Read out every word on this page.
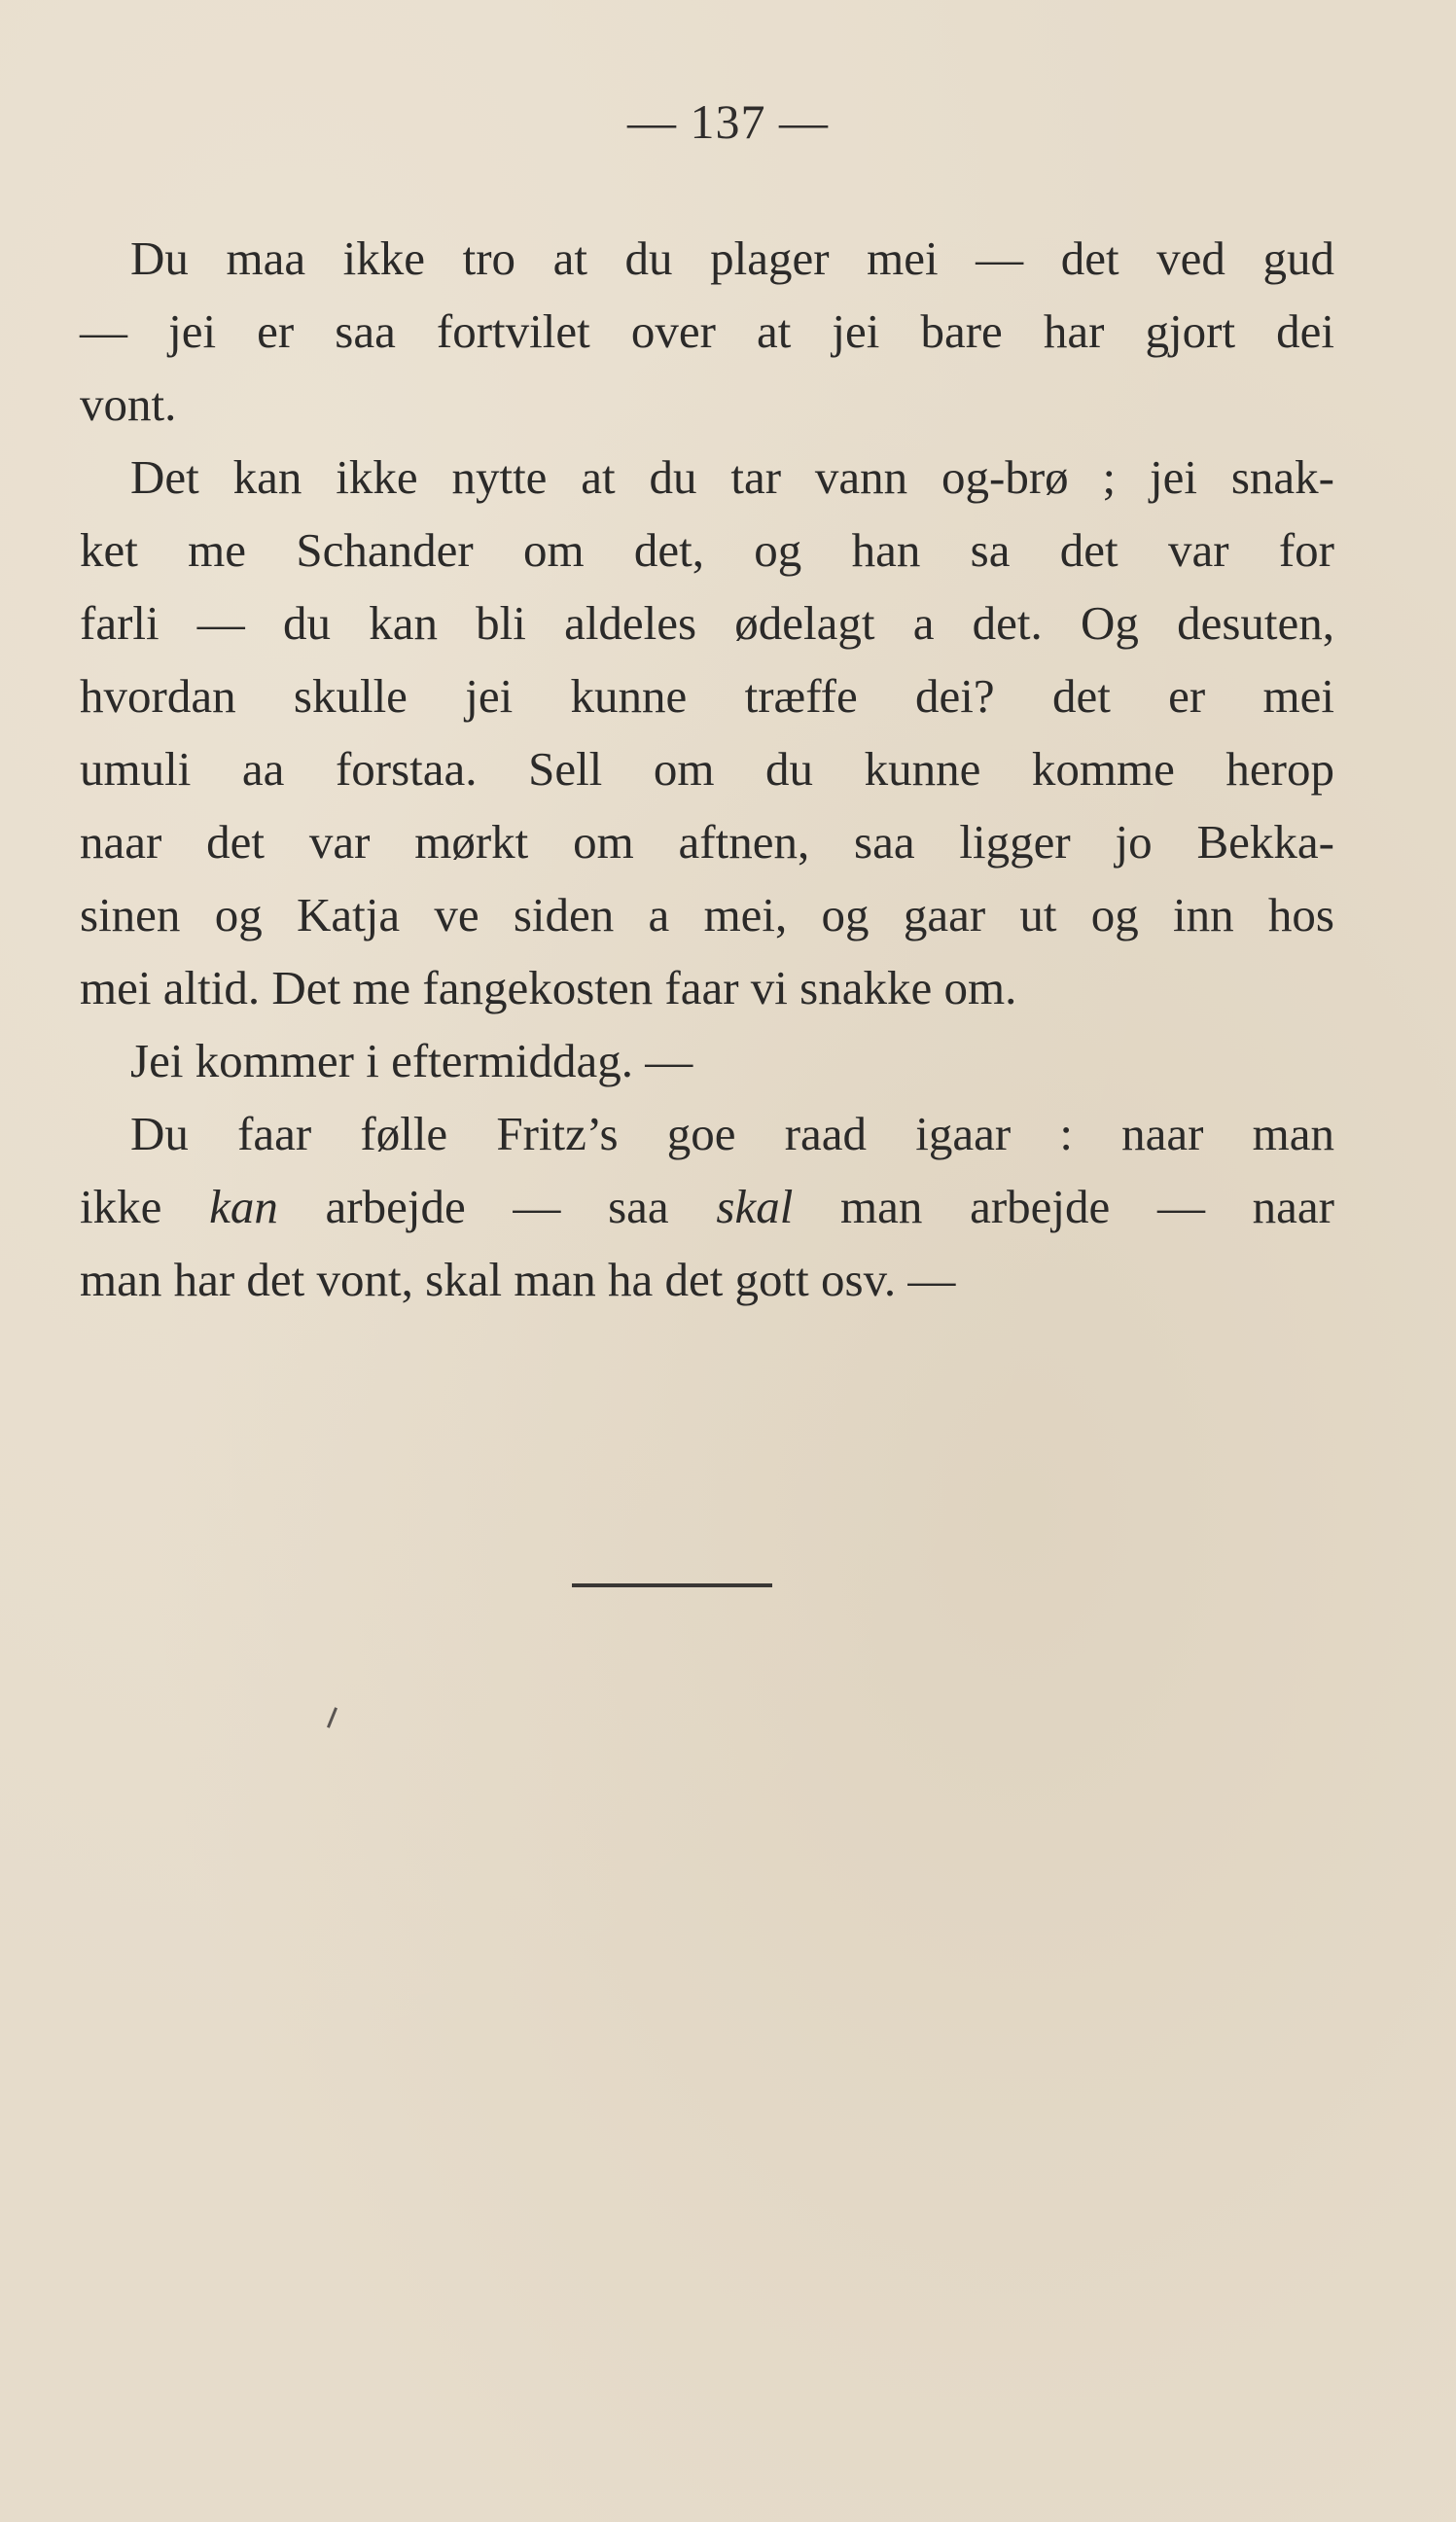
— 137 —
Du maa ikke tro at du plager mei — det ved gud
— jei er saa fortvilet over at jei bare har gjort dei
vont.
Det kan ikke nytte at du tar vann og-brø ; jei snak-
ket me Schander om det, og han sa det var for
farli — du kan bli aldeles ødelagt a det. Og desuten,
hvordan skulle jei kunne træffe dei? det er mei
umuli aa forstaa. Sell om du kunne komme herop
naar det var mørkt om aftnen, saa ligger jo Bekka-
sinen og Katja ve siden a mei, og gaar ut og inn hos
mei altid. Det me fangekosten faar vi snakke om.
Jei kommer i eftermiddag. —
Du faar følle Fritz’s goe raad igaar : naar man
ikke kan arbejde — saa skal man arbejde — naar
man har det vont, skal man ha det gott osv. —
